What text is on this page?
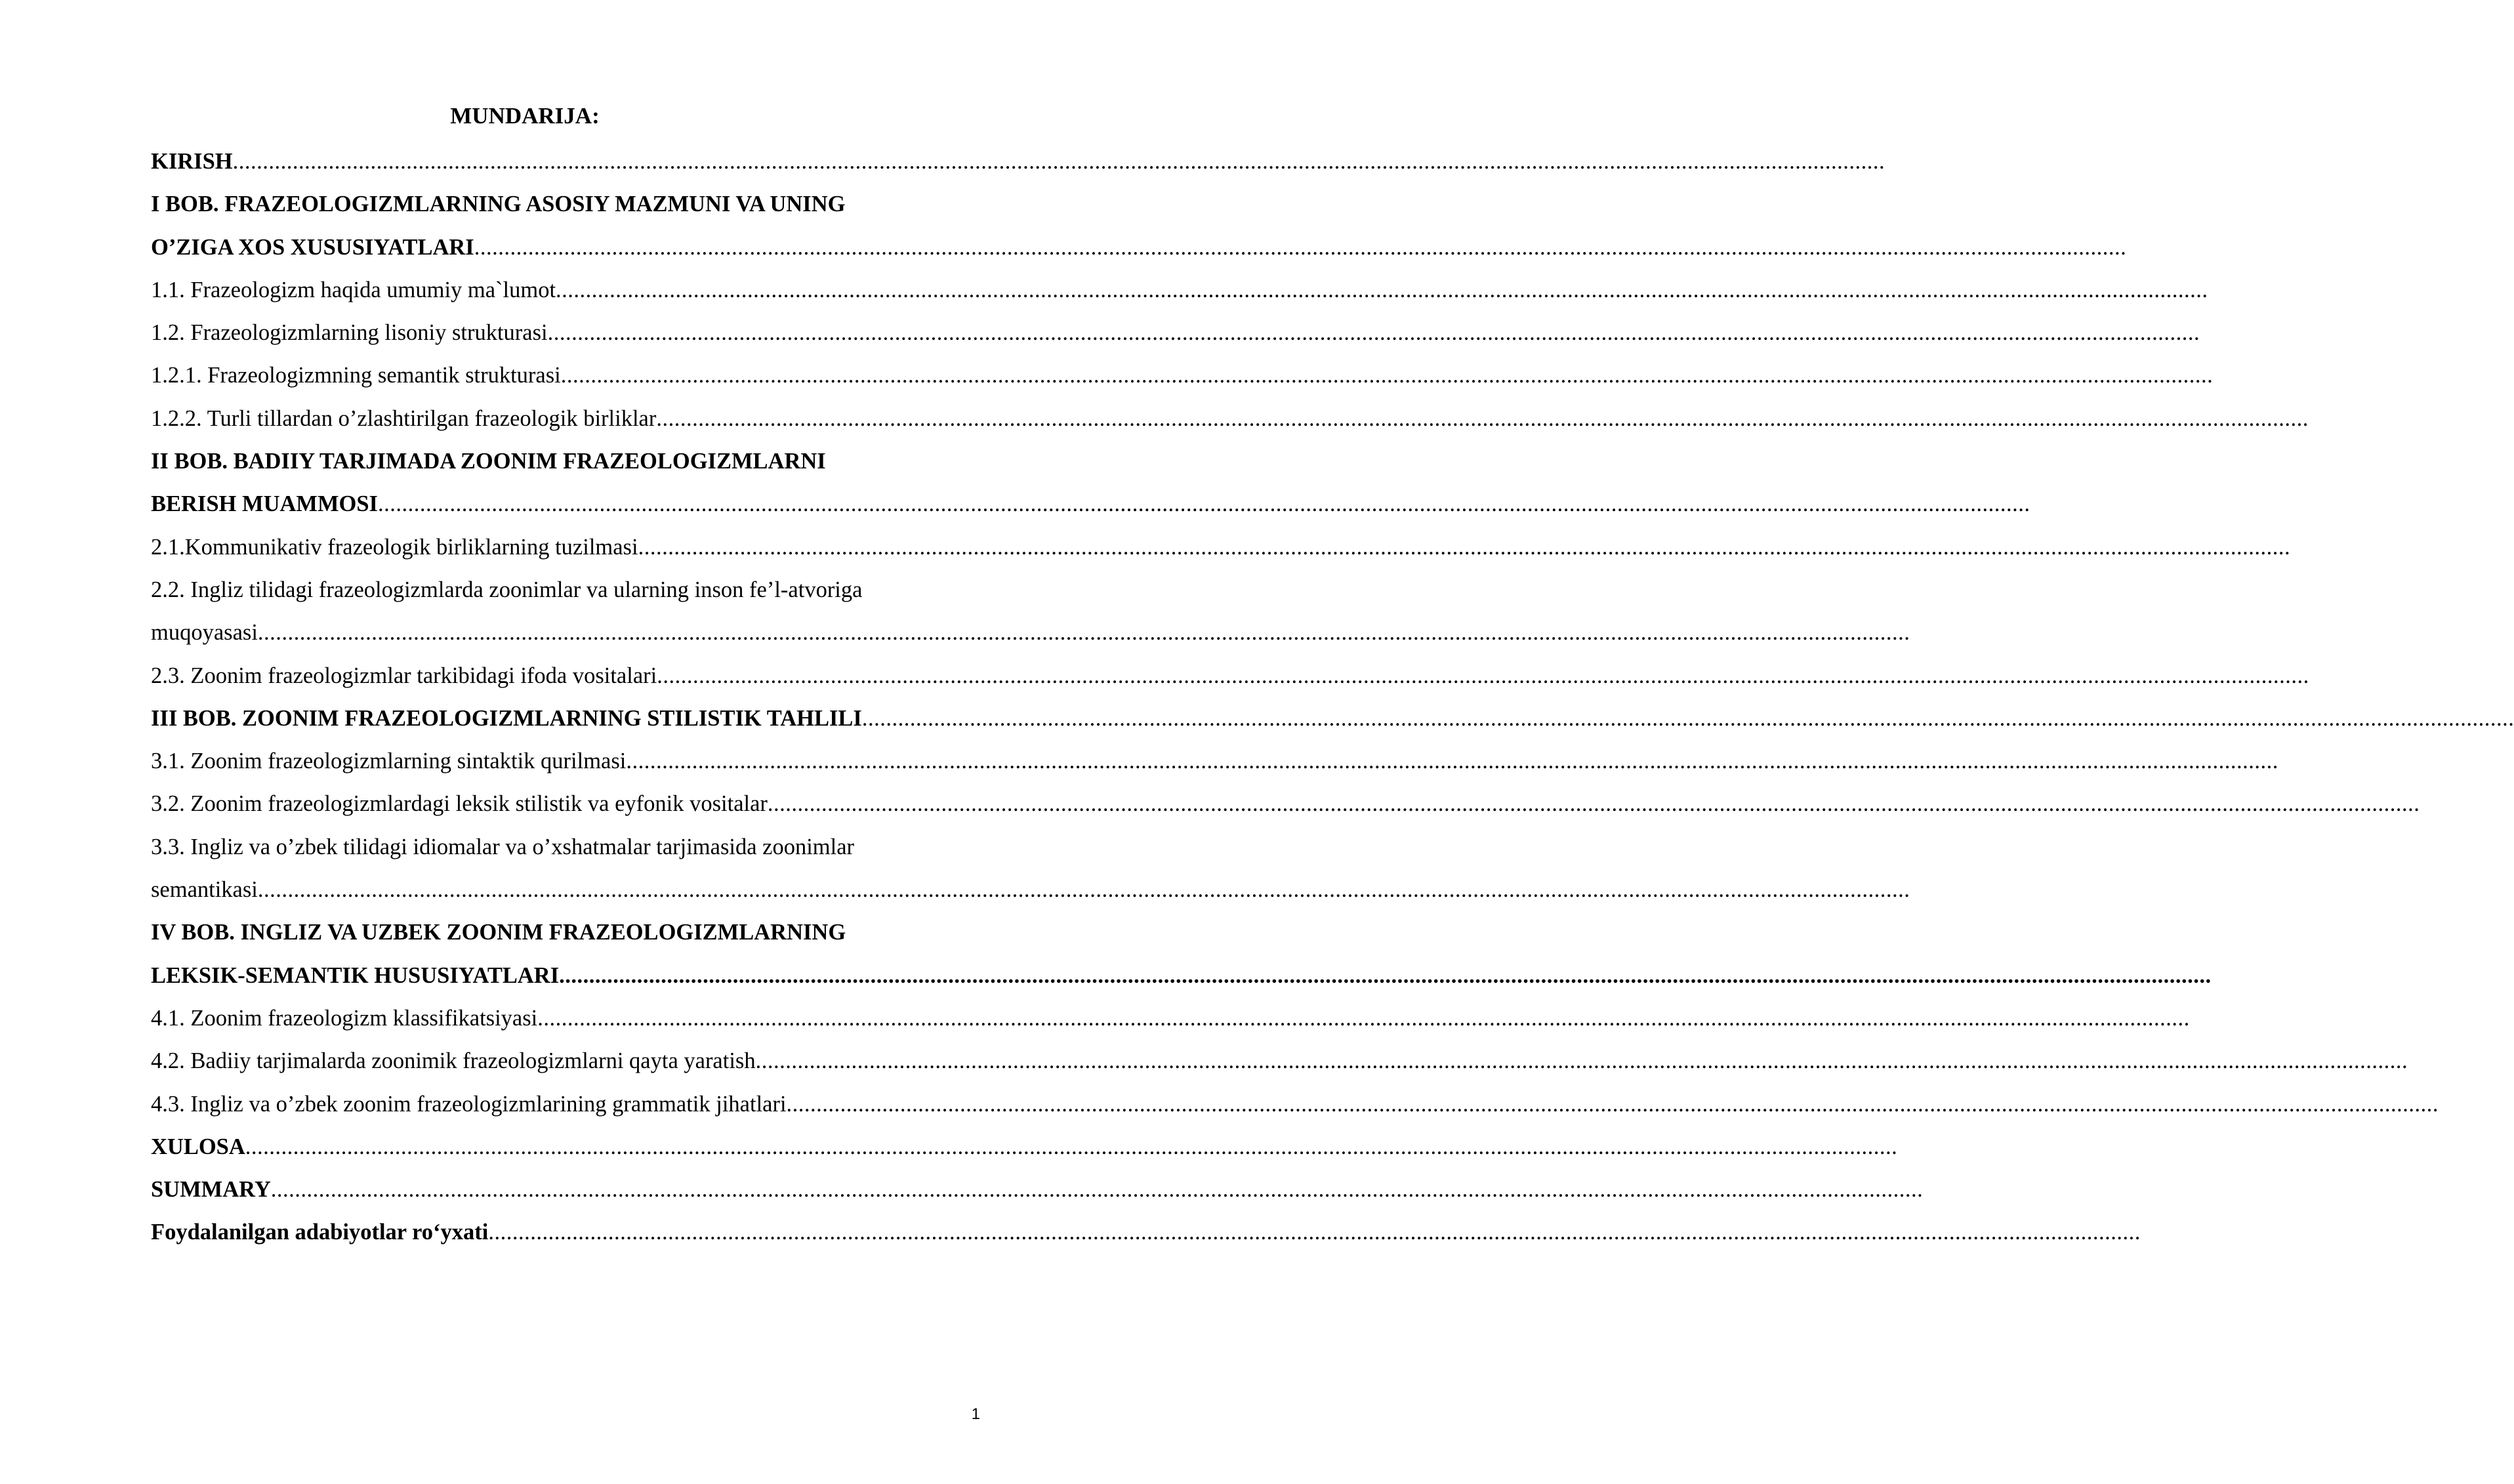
MUNDARIJA:
KIRISH ....................................................................................................................................................................................................................................................................................
I BOB. FRAZEOLOGIZMLARNING ASOSIY MAZMUNI VA UNING
O’ZIGA XOS XUSUSIYATLARI ....................................................................................................................................................................................................................................................................................
1.1. Frazeologizm haqida umumiy ma`lumot ....................................................................................................................................................................................................................................................................................
1.2. Frazeologizmlarning lisoniy strukturasi ....................................................................................................................................................................................................................................................................................
1.2.1. Frazeologizmning semantik strukturasi ....................................................................................................................................................................................................................................................................................
1.2.2. Turli tillardan o’zlashtirilgan frazeologik birliklar ....................................................................................................................................................................................................................................................................................
II BOB. BADIIY TARJIMADA ZOONIM FRAZEOLOGIZMLARNI
BERISH MUAMMOSI ....................................................................................................................................................................................................................................................................................
2.1.Kommunikativ frazeologik birliklarning tuzilmasi ....................................................................................................................................................................................................................................................................................
2.2. Ingliz tilidagi frazeologizmlarda zoonimlar va ularning inson fe’l-atvoriga
muqoyasasi ....................................................................................................................................................................................................................................................................................
2.3. Zoonim frazeologizmlar tarkibidagi ifoda vositalari ....................................................................................................................................................................................................................................................................................
III BOB. ZOONIM FRAZEOLOGIZMLARNING STILISTIK TAHLILI ....................................................................................................................................................................................................................................................................................
3.1. Zoonim frazeologizmlarning sintaktik qurilmasi ....................................................................................................................................................................................................................................................................................
3.2. Zoonim frazeologizmlardagi leksik stilistik va eyfonik vositalar ....................................................................................................................................................................................................................................................................................
3.3. Ingliz va o’zbek tilidagi idiomalar va o’xshatmalar tarjimasida zoonimlar
semantikasi ....................................................................................................................................................................................................................................................................................
IV BOB. INGLIZ VA UZBEK ZOONIM FRAZEOLOGIZMLARNING
LEKSIK-SEMANTIK HUSUSIYATLARI ....................................................................................................................................................................................................................................................................................
4.1. Zoonim frazeologizm klassifikatsiyasi ....................................................................................................................................................................................................................................................................................
4.2. Badiiy tarjimalarda zoonimik frazeologizmlarni qayta yaratish ....................................................................................................................................................................................................................................................................................
4.3. Ingliz va o’zbek zoonim frazeologizmlarining grammatik jihatlari ....................................................................................................................................................................................................................................................................................
XULOSA ....................................................................................................................................................................................................................................................................................
SUMMARY ....................................................................................................................................................................................................................................................................................
Foydalanilgan adabiyotlar ro‘yxati ....................................................................................................................................................................................................................................................................................
1
